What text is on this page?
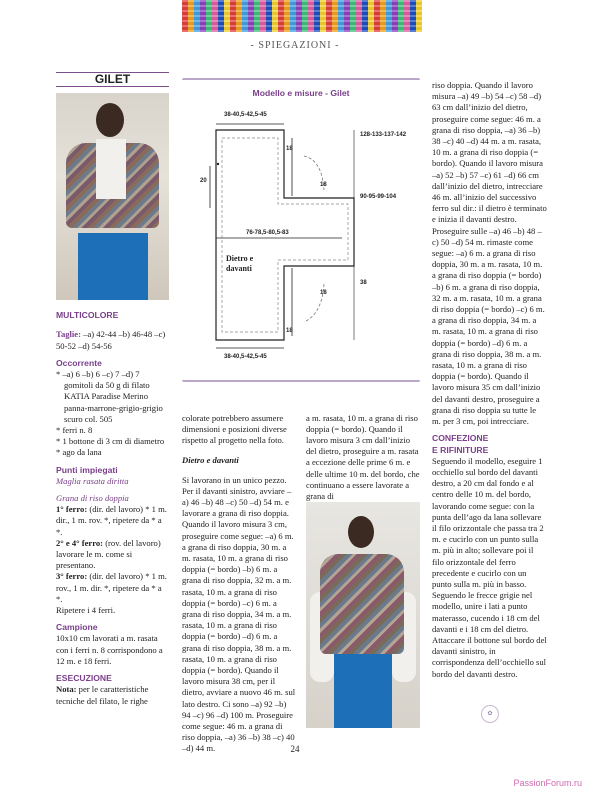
- SPIEGAZIONI -
GILET
MULTICOLORE

Taglie: –a) 42-44 –b) 46-48 –c) 50-52 –d) 54-56

Occorrente

* –a) 6 –b) 6 –c) 7 –d) 7 gomitoli da 50 g di filato KATIA Paradise Merino panna-marrone-grigio-grigio scuro col. 505

* ferri n. 8

* 1 bottone di 3 cm di diametro

* ago da lana

Punti impiegati

Maglia rasata diritta

Grana di riso doppia

1° ferro: (dir. del lavoro) * 1 m. dir., 1 m. rov. *, ripetere da * a *.

2° e 4° ferro: (rov. del lavoro) lavorare le m. come si presentano.

3° ferro: (dir. del lavoro) * 1 m. rov., 1 m. dir. *, ripetere da * a *.

Ripetere i 4 ferri.

Campione

10x10 cm lavorati a m. rasata con i ferri n. 8 corrispondono a 12 m. e 18 ferri.

ESECUZIONE

Nota: per le caratteristiche tecniche del filato, le righe

Modello e misure - Gilet
38-40,5-42,5-45
38-40,5-42,5-45
128-133-137-142
18
18
18
18
20
90-95-99-104
76-78,5-80,5-83
38
Dietro e davanti

colorate potrebbero assumere dimensioni e posizioni diverse rispetto al progetto nella foto.

Dietro e davanti

Si lavorano in un unico pezzo. Per il davanti sinistro, avviare –a) 46 –b) 48 –c) 50 –d) 54 m. e lavorare a grana di riso doppia. Quando il lavoro misura 3 cm, proseguire come segue: –a) 6 m. a grana di riso doppia, 30 m. a m. rasata, 10 m. a grana di riso doppia (= bordo) –b) 6 m. a grana di riso doppia, 32 m. a m. rasata, 10 m. a grana di riso doppia (= bordo) –c) 6 m. a grana di riso doppia, 34 m. a m. rasata, 10 m. a grana di riso doppia (= bordo) –d) 6 m. a grana di riso doppia, 38 m. a m. rasata, 10 m. a grana di riso doppia (= bordo). Quando il lavoro misura 38 cm, per il dietro, avviare a nuovo 46 m. sul lato destro. Ci sono –a) 92 –b) 94 –c) 96 –d) 100 m. Proseguire come segue: 46 m. a grana di riso doppia, –a) 36 –b) 38 –c) 40 –d) 44 m.

a m. rasata, 10 m. a grana di riso doppia (= bordo). Quando il lavoro misura 3 cm dall’inizio del dietro, proseguire a m. rasata a eccezione delle prime 6 m. e delle ultime 10 m. del bordo, che continuano a essere lavorate a grana di

riso doppia. Quando il lavoro misura –a) 49 –b) 54 –c) 58 –d) 63 cm dall’inizio del dietro, proseguire come segue: 46 m. a grana di riso doppia, –a) 36 –b) 38 –c) 40 –d) 44 m. a m. rasata, 10 m. a grana di riso doppia (= bordo). Quando il lavoro misura –a) 52 –b) 57 –c) 61 –d) 66 cm dall’inizio del dietro, intrecciare 46 m. all’inizio del successivo ferro sul dir.: il dietro è terminato e inizia il davanti destro. Proseguire sulle –a) 46 –b) 48 –c) 50 –d) 54 m. rimaste come segue: –a) 6 m. a grana di riso doppia, 30 m. a m. rasata, 10 m. a grana di riso doppia (= bordo) –b) 6 m. a grana di riso doppia, 32 m. a m. rasata, 10 m. a grana di riso doppia (= bordo) –c) 6 m. a grana di riso doppia, 34 m. a m. rasata, 10 m. a grana di riso doppia (= bordo) –d) 6 m. a grana di riso doppia, 38 m. a m. rasata, 10 m. a grana di riso doppia (= bordo). Quando il lavoro misura 35 cm dall’inizio del davanti destro, proseguire a grana di riso doppia su tutte le m. per 3 cm, poi intrecciare.

CONFEZIONE
E RIFINITURE

Seguendo il modello, eseguire 1 occhiello sul bordo del davanti destro, a 20 cm dal fondo e al centro delle 10 m. del bordo, lavorando come segue: con la punta dell’ago da lana sollevare il filo orizzontale che passa tra 2 m. e cucirlo con un punto sulla m. più in alto; sollevare poi il filo orizzontale del ferro precedente e cucirlo con un punto sulla m. più in basso. Seguendo le frecce grigie nel modello, unire i lati a punto materasso, cucendo i 18 cm del davanti e i 18 cm del dietro. Attaccare il bottone sul bordo del davanti sinistro, in corrispondenza dell’occhiello sul bordo del davanti destro.

✿
24
PassionForum.ru
